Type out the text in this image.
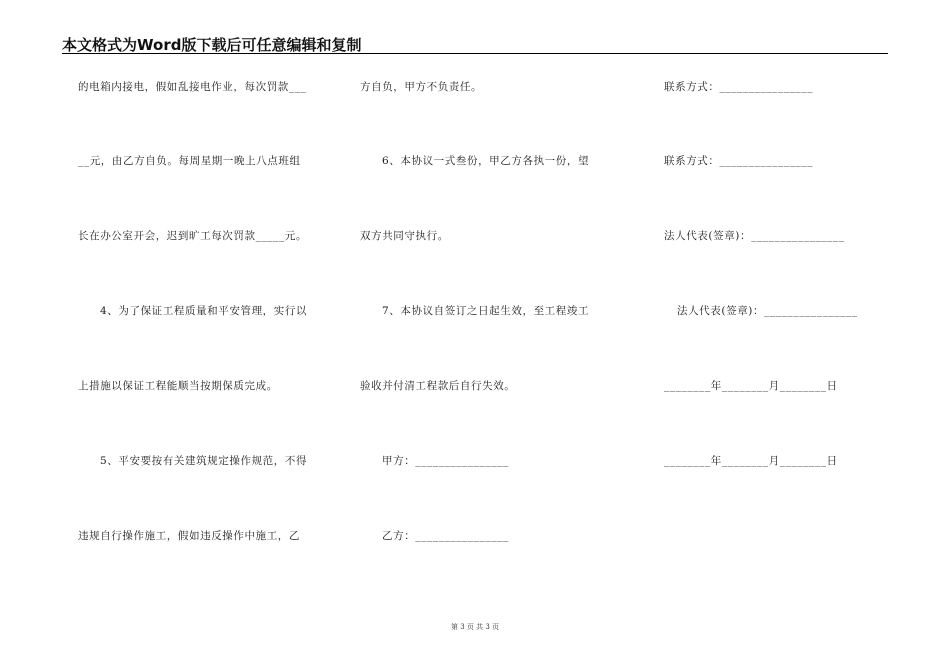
本文格式为Word版下载后可任意编辑和复制
的电箱内接电，假如乱接电作业，每次罚款___
__元，由乙方自负。每周星期一晚上八点班组
长在办公室开会，迟到旷工每次罚款_____元。
4、为了保证工程质量和平安管理，实行以
上措施以保证工程能顺当按期保质完成。
5、平安要按有关建筑规定操作规范，不得
违规自行操作施工，假如违反操作中施工，乙
方自负，甲方不负责任。
6、本协议一式叁份，甲乙方各执一份，望
双方共同守执行。
7、本协议自签订之日起生效，至工程竣工
验收并付清工程款后自行失效。
甲方：________________
乙方：________________
联系方式：________________
联系方式：________________
法人代表(签章)：________________
法人代表(签章)：________________
________年________月________日
________年________月________日
第 3 页 共 3 页
